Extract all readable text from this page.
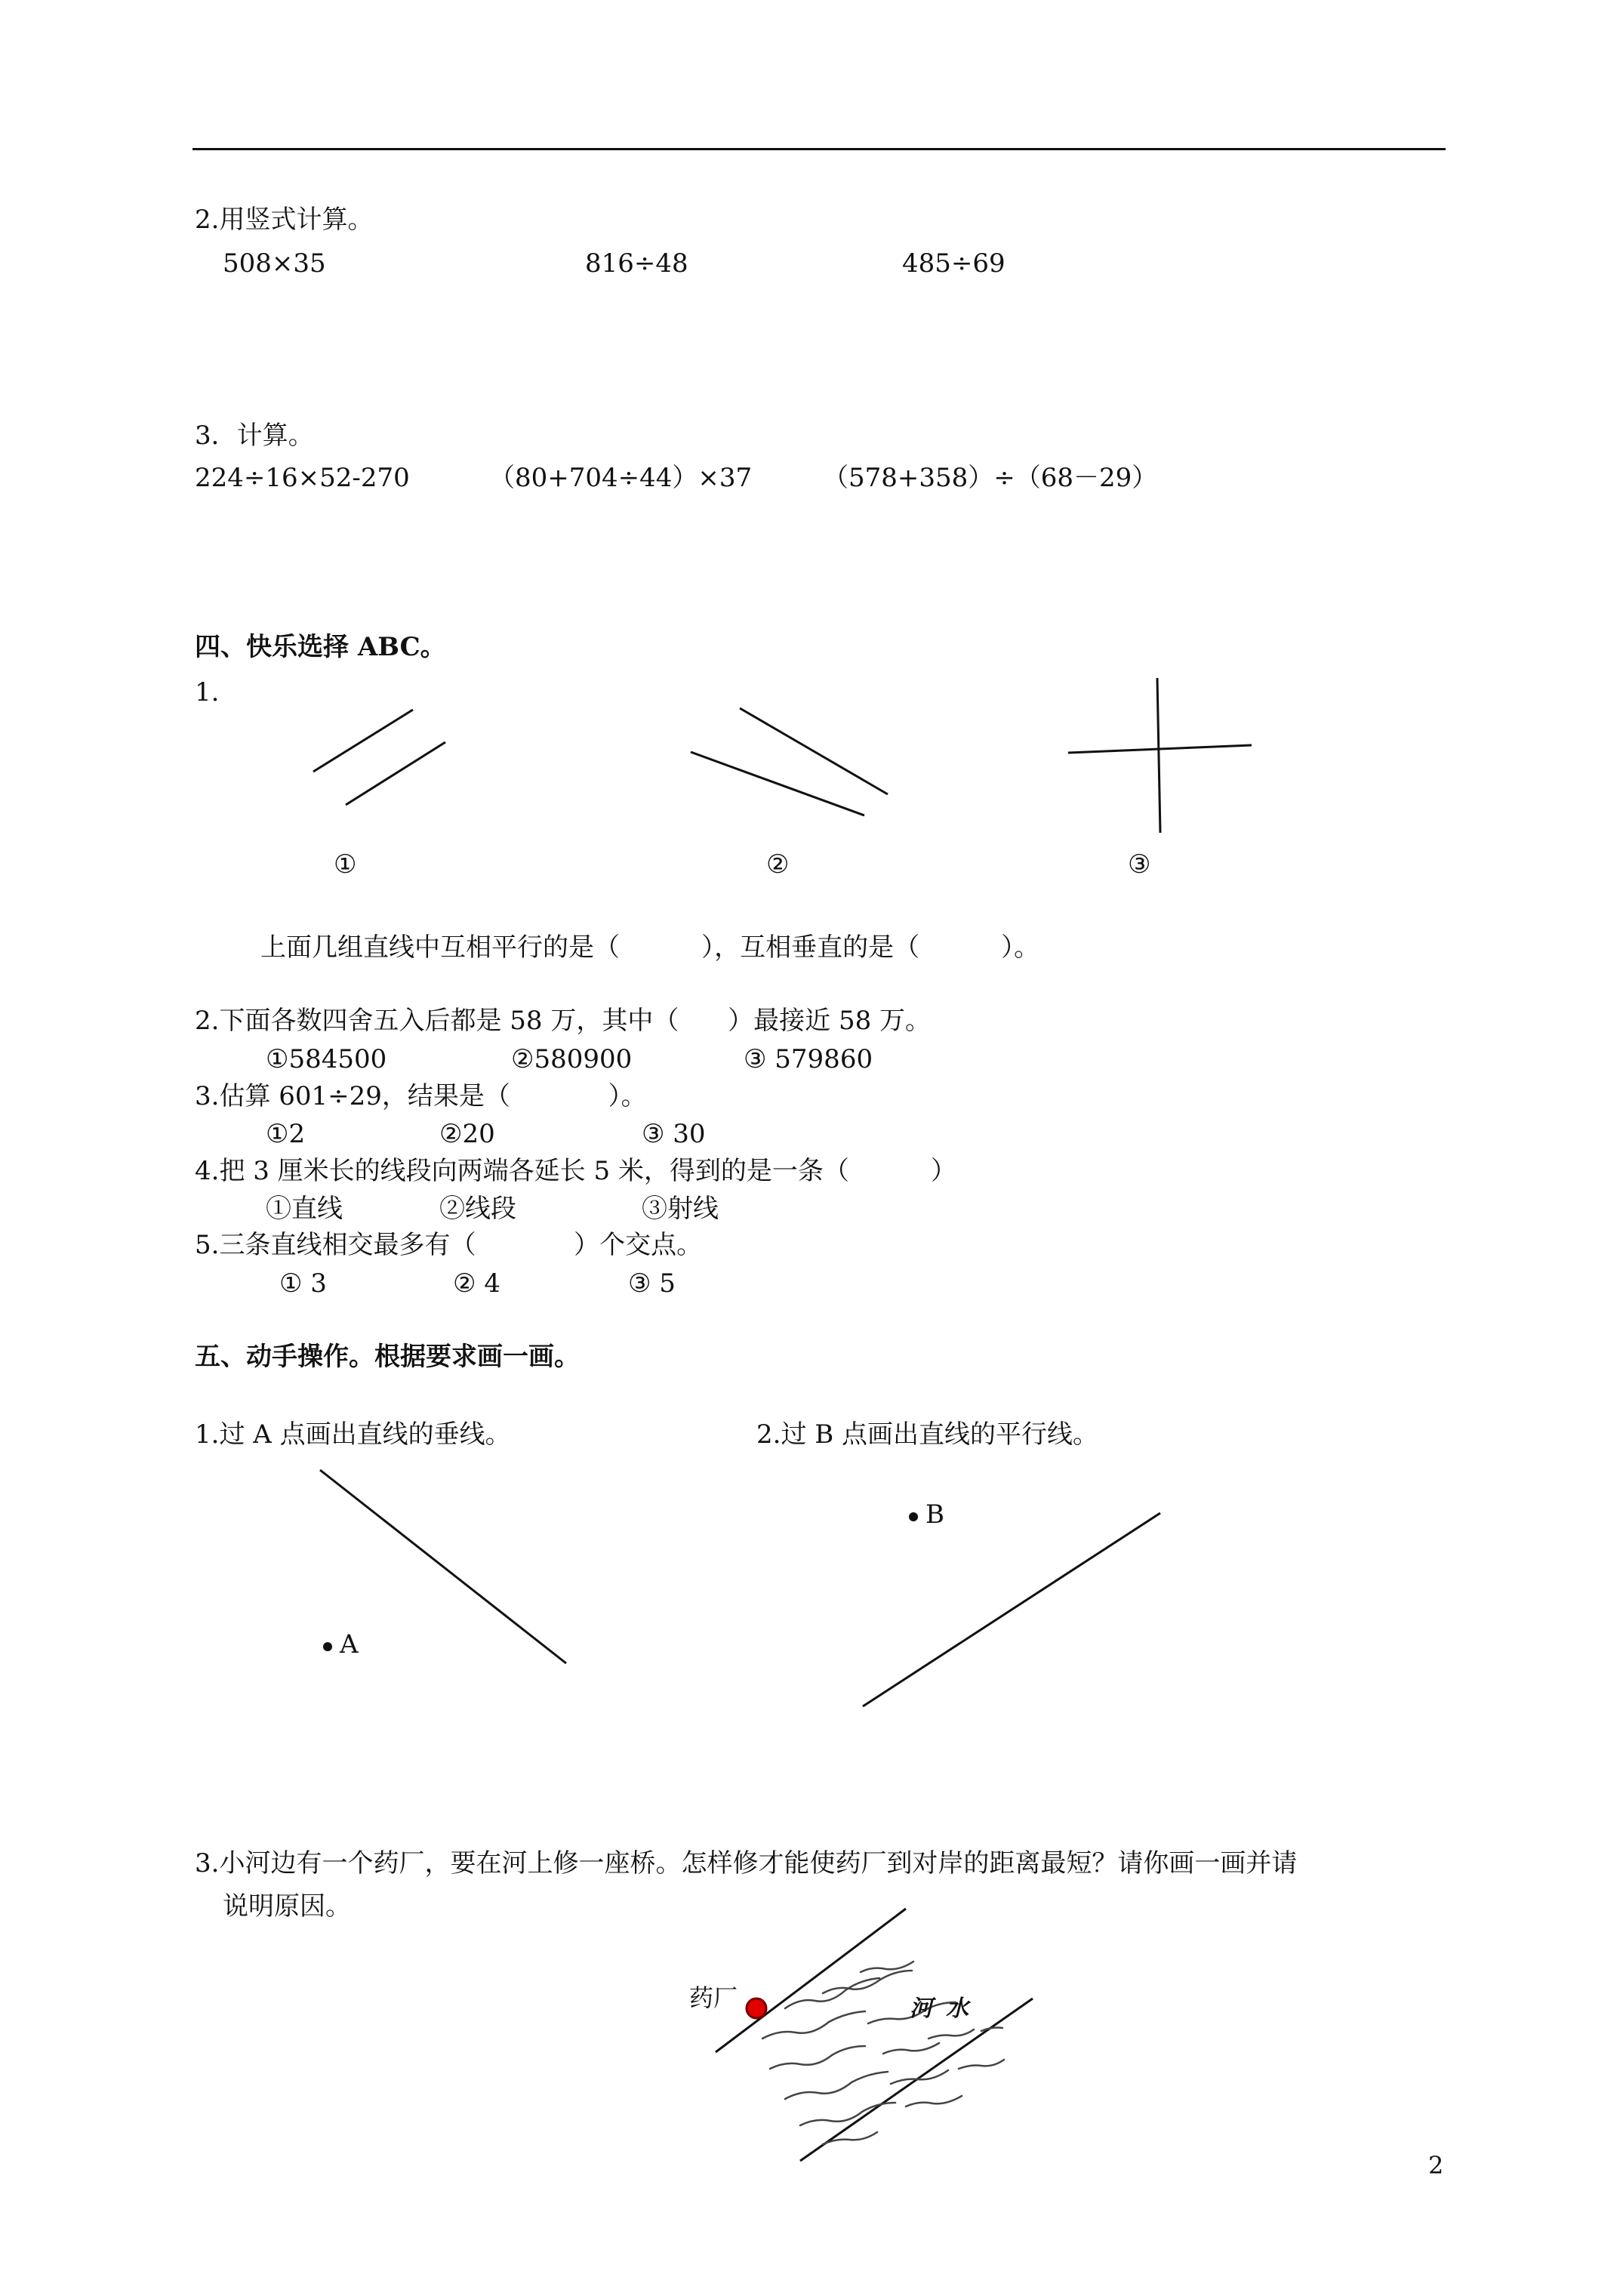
2.用竖式计算。
508×35	816÷48	485÷69
3．计算。
224÷16×52-270	（80+704÷44）×37	（578+358）÷（68－29）
四、快乐选择 ABC。
1.
①	②	③
上面几组直线中互相平行的是（          ），互相垂直的是（          ）。
2.下面各数四舍五入后都是 58 万，其中（      ）最接近 58 万。
①584500	②580900	③ 579860
3.估算 601÷29，结果是（            ）。
①2	②20	③ 30
4.把 3 厘米长的线段向两端各延长 5 米，得到的是一条（          ）
①直线	②线段	③射线
5.三条直线相交最多有（            ）个交点。
① 3	② 4	③ 5
五、动手操作。根据要求画一画。
1.过 A 点画出直线的垂线。	2.过 B 点画出直线的平行线。
A
B
3.小河边有一个药厂，要在河上修一座桥。怎样修才能使药厂到对岸的距离最短？请你画一画并请
说明原因。
药厂	河水
2
